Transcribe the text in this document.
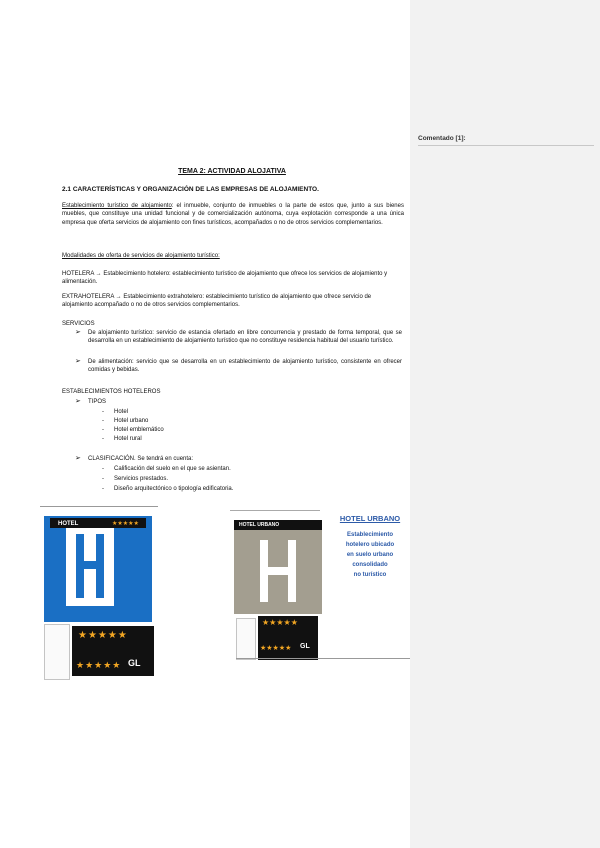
TEMA 2: ACTIVIDAD ALOJATIVA
2.1 CARACTERÍSTICAS Y ORGANIZACIÓN DE LAS EMPRESAS DE ALOJAMIENTO.
Establecimiento turístico de alojamiento: el inmueble, conjunto de inmuebles o la parte de estos que, junto a sus bienes muebles, que constituye una unidad funcional y de comercialización autónoma, cuya explotación corresponde a una única empresa que oferta servicios de alojamiento con fines turísticos, acompañados o no de otros servicios complementarios.
Modalidades de oferta de servicios de alojamiento turístico:
HOTELERA → Establecimiento hotelero: establecimiento turístico de alojamiento que ofrece los servicios de alojamiento y alimentación.
EXTRAHOTELERA → Establecimiento extrahotelero: establecimiento turístico de alojamiento que ofrece servicio de alojamiento acompañado o no de otros servicios complementarios.
SERVICIOS
➢ De alojamiento turístico: servicio de estancia ofertado en libre concurrencia y prestado de forma temporal, que se desarrolla en un establecimiento de alojamiento turístico que no constituye residencia habitual del usuario turístico.
➢ De alimentación: servicio que se desarrolla en un establecimiento de alojamiento turístico, consistente en ofrecer comidas y bebidas.
ESTABLECIMIENTOS HOTELEROS
➢ TIPOS
- Hotel
- Hotel urbano
- Hotel emblemático
- Hotel rural
➢ CLASIFICACIÓN. Se tendrá en cuenta:
- Calificación del suelo en el que se asientan.
- Servicios prestados.
- Diseño arquitectónico o tipología edificatoria.
HOTEL	★★★★★
★★★★★
★★★★★ GL
HOTEL URBANO
★★★★★
★★★★★ GL
HOTEL URBANO
Establecimiento
hotelero ubicado
en suelo urbano
consolidado
no turístico
Comentado [1]:
